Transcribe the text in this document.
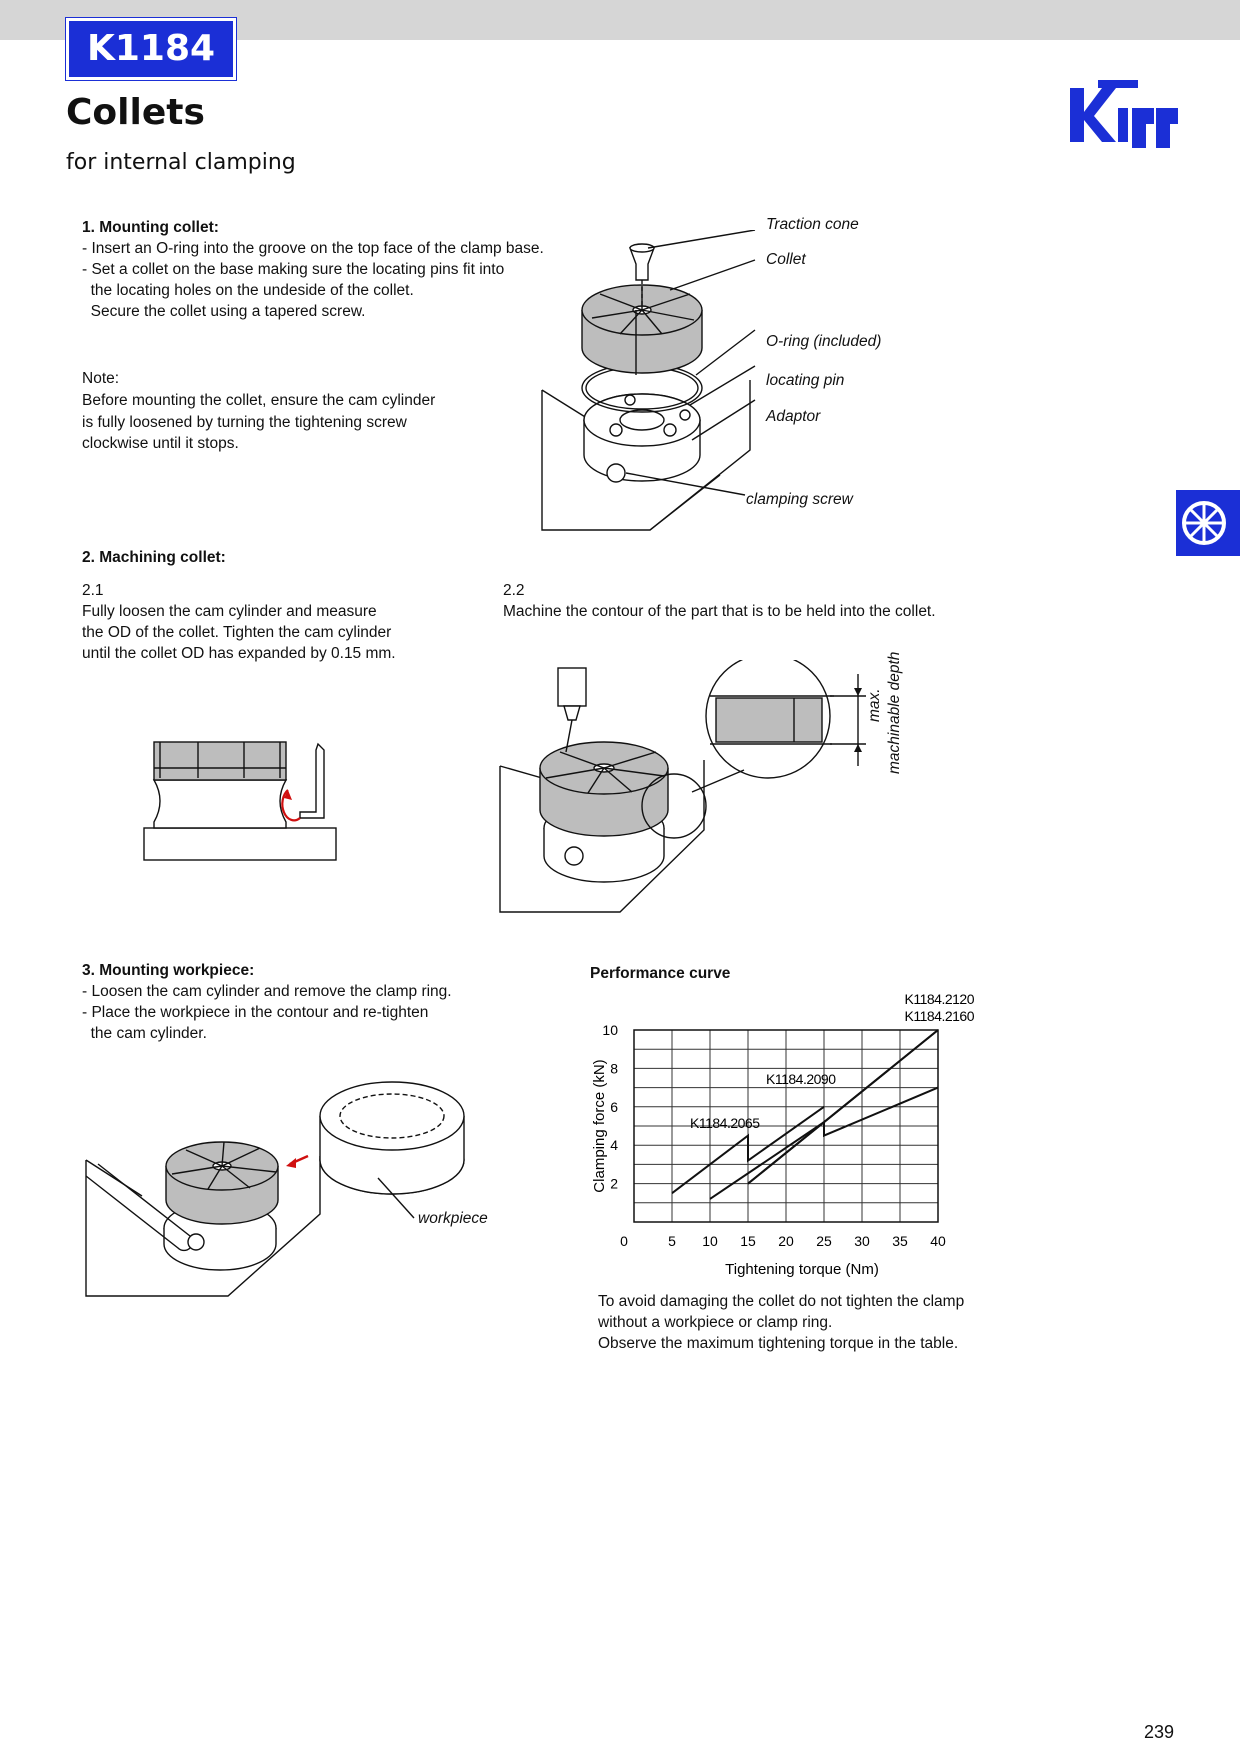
K1184
Collets
for internal clamping
1. Mounting collet:
- Insert an O-ring into the groove on the top face of the clamp base.
- Set a collet on the base making sure the locating pins fit into
the locating holes on the undeside of the collet.
Secure the collet using a tapered screw.
Note:
Before mounting the collet, ensure the cam cylinder
is fully loosened by turning the tightening screw
clockwise until it stops.
Traction cone
Collet
O-ring (included)
locating pin
Adaptor
clamping screw
2. Machining collet:
2.1
Fully loosen the cam cylinder and measure
the OD of the collet. Tighten the cam cylinder
until the collet OD has expanded by 0.15 mm.
2.2
Machine the contour of the part that is to be held into the collet.
max. machinable depth
3. Mounting workpiece:
- Loosen the cam cylinder and remove the clamp ring.
- Place the workpiece in the contour and re-tighten
the cam cylinder.
workpiece
Performance curve
0	5 10 15 20 25 30 35 40
2
4
6
8
10
Tightening torque (Nm)
Clamping force (kN)	K1184.2065
K1184.2090
K1184.2120
K1184.2160
To avoid damaging the collet do not tighten the clamp
without a workpiece or clamp ring.
Observe the maximum tightening torque in the table.
239
